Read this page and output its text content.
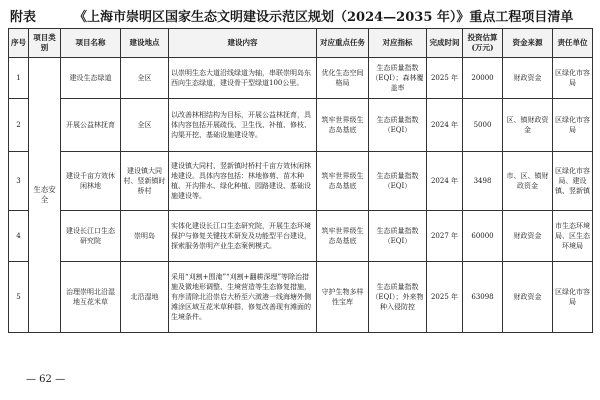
附表	《上海市崇明区国家生态文明建设示范区规划（2024—2035 年）》重点工程项目清单
序号	项目类别	项目名称	建设地点	建设内容	对应重点任务	对应指标	完成时间	投资估算(万元)	资金来源	责任单位
1	生态安全	建设生态绿道	全区	以崇明生态大道沿线绿道为轴，串联崇明岛东西向生态绿道，建设骨干型绿道100公里。	优化生态空间格局	生态质量指数（EQI）；森林覆盖率	2025 年	20000	财政资金	区绿化市容局
2		开展公益林抚育	全区	以改善林相结构为目标，开展公益林抚育，具体内容包括开展疏伐、卫生伐、补植、修枝、沟渠开挖、基础设施建设等。	筑牢世界级生态岛基底	生态质量指数（EQI）	2024 年	5000	区、镇财政资金	区绿化市容局
3		建设千亩方效休闲林地	建设镇大同村、竖新镇时桥村	建设镇大同村、竖新镇时桥村千亩方效休闲林地建设。具体内容包括：林地修剪、苗木种植、开沟排水、绿化种植、园路建设、基础设施建设等。	筑牢世界级生态岛基底	生态质量指数（EQI）	2024 年	3498	市、区、镇财政资金	区绿化市容局、建设镇、竖新镇
4		建设长江口生态研究院	崇明岛	实体化建设长江口生态研究院，开展生态环境保护与修复关键技术研发及功能型平台建设，探索服务崇明产业生态案例模式。	筑牢世界级生态岛基底	生态质量指数（EQI）	2027 年	60000	财政资金	市生态环境局、区生态环境局
5		治理崇明北沿湿地互花米草	北沿湿地	采用“刈割+围淹”“刈割+翻耕深埋”等除治措施及微地形调整、生境营造等生态修复措施，有序清除北沿崇启大桥至六滧港一线海塘外侧滩涂区域互花米草种群，修复改善现有滩面的生境条件。	守护生物多样性宝库	生态质量指数（EQI）；外来物种入侵防控	2025 年	63098	财政资金	区绿化市容局
— 62 —
